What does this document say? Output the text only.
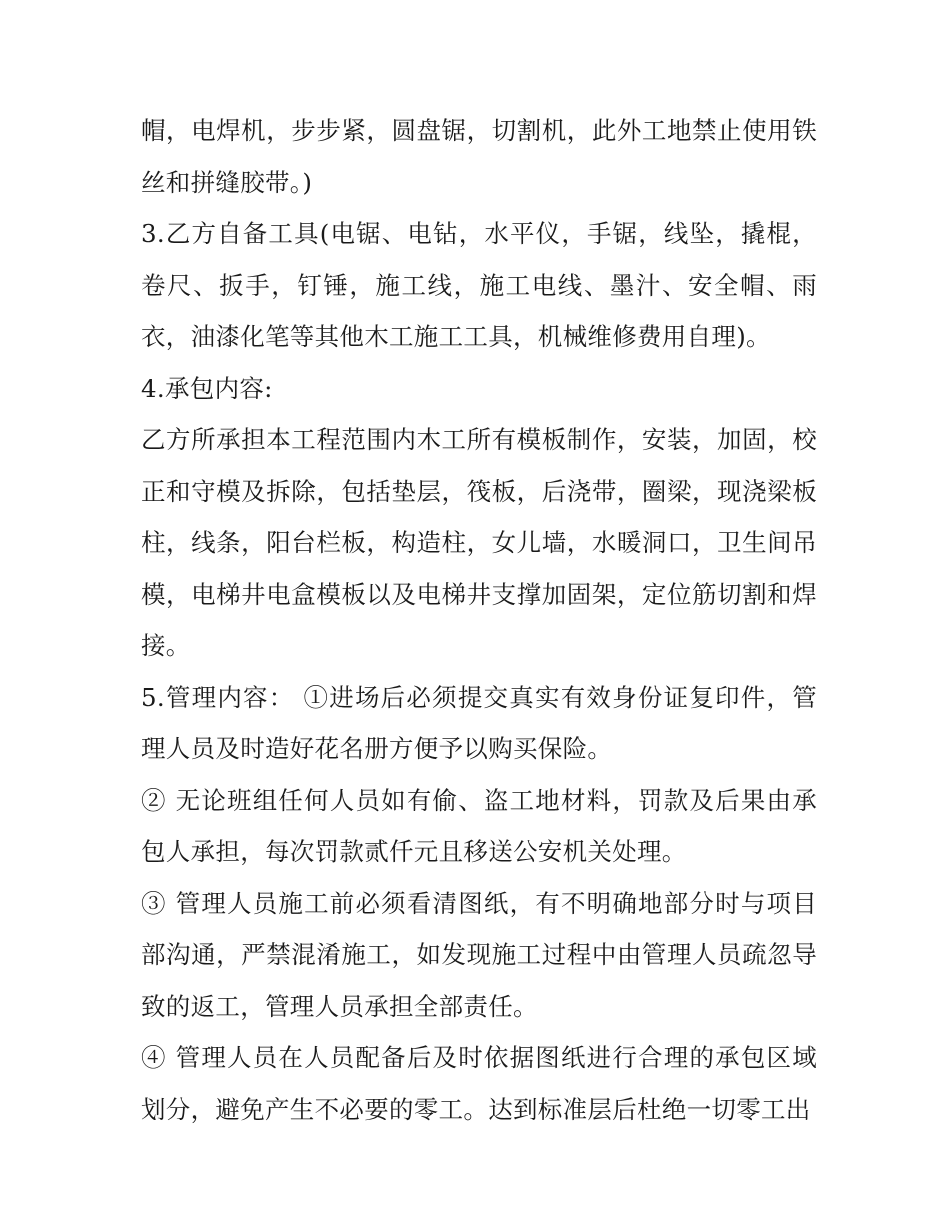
帽，电焊机，步步紧，圆盘锯，切割机，此外工地禁止使用铁丝和拼缝胶带。)

3.乙方自备工具(电锯、电钻，水平仪，手锯，线坠，撬棍，卷尺、扳手，钉锤，施工线，施工电线、墨汁、安全帽、雨衣，油漆化笔等其他木工施工工具，机械维修费用自理)。

4.承包内容:

乙方所承担本工程范围内木工所有模板制作，安装，加固，校正和守模及拆除，包括垫层，筏板，后浇带，圈梁，现浇梁板柱，线条，阳台栏板，构造柱，女儿墙，水暖洞口，卫生间吊模，电梯井电盒模板以及电梯井支撑加固架，定位筋切割和焊接。

5.管理内容： ①进场后必须提交真实有效身份证复印件，管理人员及时造好花名册方便予以购买保险。

② 无论班组任何人员如有偷、盗工地材料，罚款及后果由承包人承担，每次罚款贰仟元且移送公安机关处理。

③ 管理人员施工前必须看清图纸，有不明确地部分时与项目部沟通，严禁混淆施工，如发现施工过程中由管理人员疏忽导致的返工，管理人员承担全部责任。

④ 管理人员在人员配备后及时依据图纸进行合理的承包区域划分，避免产生不必要的零工。达到标准层后杜绝一切零工出
